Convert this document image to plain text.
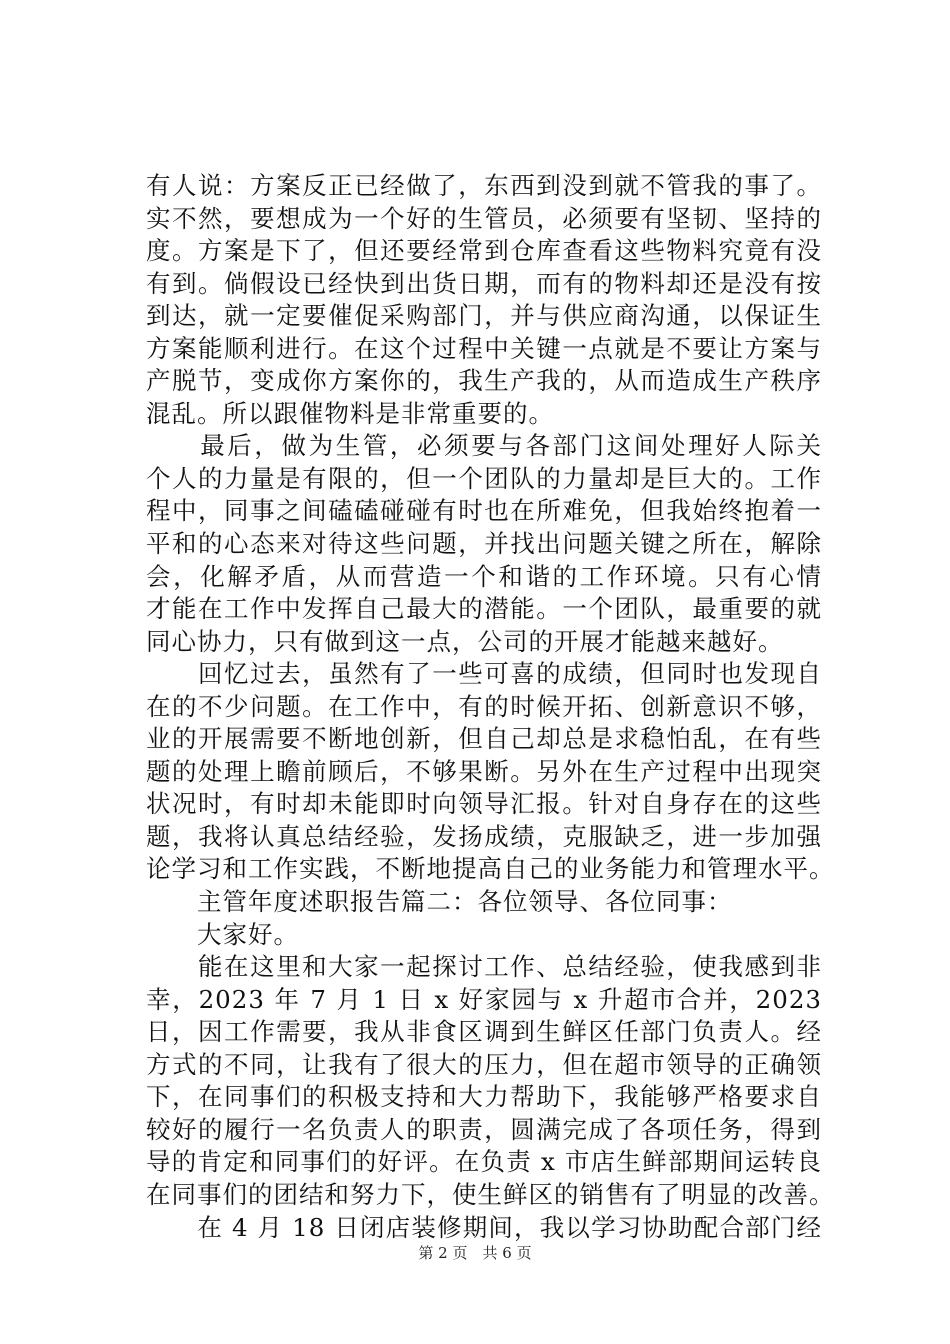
有人说：方案反正已经做了，东西到没到就不管我的事了。
实不然，要想成为一个好的生管员，必须要有坚韧、坚持的
度。方案是下了，但还要经常到仓库查看这些物料究竟有没
有到。倘假设已经快到出货日期，而有的物料却还是没有按
到达，就一定要催促采购部门，并与供应商沟通，以保证生
方案能顺利进行。在这个过程中关键一点就是不要让方案与
产脱节，变成你方案你的，我生产我的，从而造成生产秩序
混乱。所以跟催物料是非常重要的。
　　最后，做为生管，必须要与各部门这间处理好人际关
个人的力量是有限的，但一个团队的力量却是巨大的。工作
程中，同事之间磕磕碰碰有时也在所难免，但我始终抱着一
平和的心态来对待这些问题，并找出问题关键之所在，解除
会，化解矛盾，从而营造一个和谐的工作环境。只有心情
才能在工作中发挥自己最大的潜能。一个团队，最重要的就
同心协力，只有做到这一点，公司的开展才能越来越好。
　　回忆过去，虽然有了一些可喜的成绩，但同时也发现自
在的不少问题。在工作中，有的时候开拓、创新意识不够，
业的开展需要不断地创新，但自己却总是求稳怕乱，在有些
题的处理上瞻前顾后，不够果断。另外在生产过程中出现突
状况时，有时却未能即时向领导汇报。针对自身存在的这些
题，我将认真总结经验，发扬成绩，克服缺乏，进一步加强
论学习和工作实践，不断地提高自己的业务能力和管理水平。
　　主管年度述职报告篇二：各位领导、各位同事：
　　大家好。
　　能在这里和大家一起探讨工作、总结经验，使我感到非
幸，2023 年 7 月 1 日 x 好家园与 x 升超市合并，2023
日，因工作需要，我从非食区调到生鲜区任部门负责人。经
方式的不同，让我有了很大的压力，但在超市领导的正确领
下，在同事们的积极支持和大力帮助下，我能够严格要求自
较好的履行一名负责人的职责，圆满完成了各项任务，得到
导的肯定和同事们的好评。在负责 x 市店生鲜部期间运转良
在同事们的团结和努力下，使生鲜区的销售有了明显的改善。
　　在 4 月 18 日闭店装修期间，我以学习协助配合部门经
第 2 页　共 6 页
